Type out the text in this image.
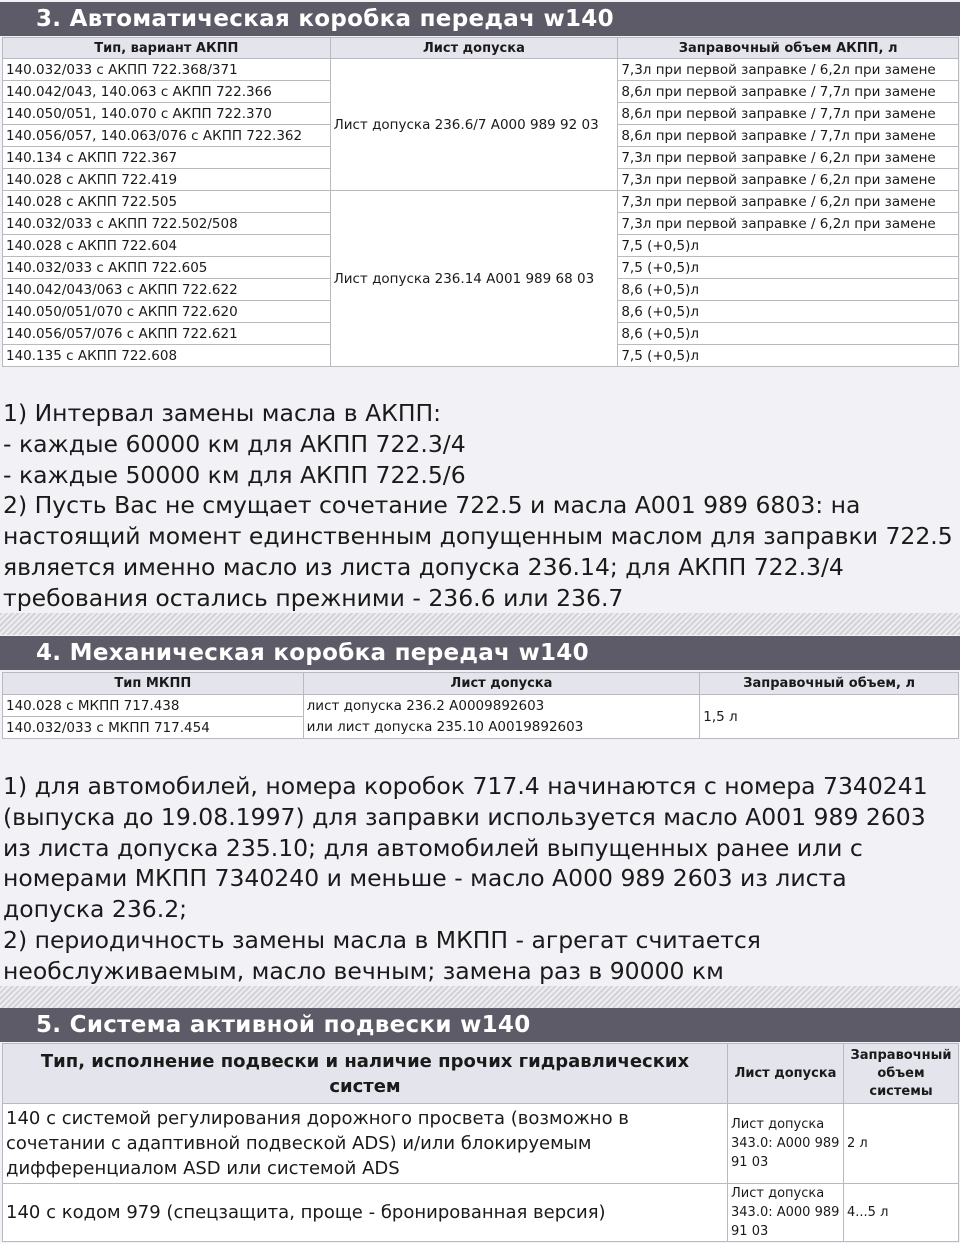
3. Автоматическая коробка передач w140
Тип, вариант АКПП	Лист допуска	Заправочный объем АКПП, л
140.032/033 с АКПП 722.368/371	Лист допуска 236.6/7 A000 989 92 03	7,3л при первой заправке / 6,2л при замене
140.042/043, 140.063 с АКПП 722.366		8,6л при первой заправке / 7,7л при замене
140.050/051, 140.070 с АКПП 722.370		8,6л при первой заправке / 7,7л при замене
140.056/057, 140.063/076 с АКПП 722.362		8,6л при первой заправке / 7,7л при замене
140.134 с АКПП 722.367		7,3л при первой заправке / 6,2л при замене
140.028 с АКПП 722.419		7,3л при первой заправке / 6,2л при замене
140.028 с АКПП 722.505	Лист допуска 236.14 A001 989 68 03	7,3л при первой заправке / 6,2л при замене
140.032/033 с АКПП 722.502/508		7,3л при первой заправке / 6,2л при замене
140.028 с АКПП 722.604		7,5 (+0,5)л
140.032/033 с АКПП 722.605		7,5 (+0,5)л
140.042/043/063 с АКПП 722.622		8,6 (+0,5)л
140.050/051/070 с АКПП 722.620		8,6 (+0,5)л
140.056/057/076 с АКПП 722.621		8,6 (+0,5)л
140.135 с АКПП 722.608		7,5 (+0,5)л
1) Интервал замены масла в АКПП:
- каждые 60000 км для АКПП 722.3/4
- каждые 50000 км для АКПП 722.5/6
2) Пусть Вас не смущает сочетание 722.5 и масла A001 989 6803: на
настоящий момент единственным допущенным маслом для заправки 722.5
является именно масло из листа допуска 236.14; для АКПП 722.3/4
требования остались прежними - 236.6 или 236.7
4. Механическая коробка передач w140
Тип МКПП	Лист допуска	Заправочный объем, л
140.028 с МКПП 717.438	лист допуска 236.2 A0009892603	1,5 л
140.032/033 с МКПП 717.454	или лист допуска 235.10 A0019892603	
1) для автомобилей, номера коробок 717.4 начинаются с номера 7340241
(выпуска до 19.08.1997) для заправки используется масло A001 989 2603
из листа допуска 235.10; для автомобилей выпущенных ранее или с
номерами МКПП 7340240 и меньше - масло A000 989 2603 из листа
допуска 236.2;
2) периодичность замены масла в МКПП - агрегат считается
необслуживаемым, масло вечным; замена раз в 90000 км
5. Система активной подвески w140
Тип, исполнение подвески и наличие прочих гидравлических систем	Лист допуска	Заправочный объем системы
140 с системой регулирования дорожного просвета (возможно в сочетании с адаптивной подвеской ADS) и/или блокируемым дифференциалом ASD или системой ADS	Лист допуска 343.0: A000 989 91 03	2 л
140 с кодом 979 (спецзащита, проще - бронированная версия)	Лист допуска 343.0: A000 989 91 03	4...5 л
